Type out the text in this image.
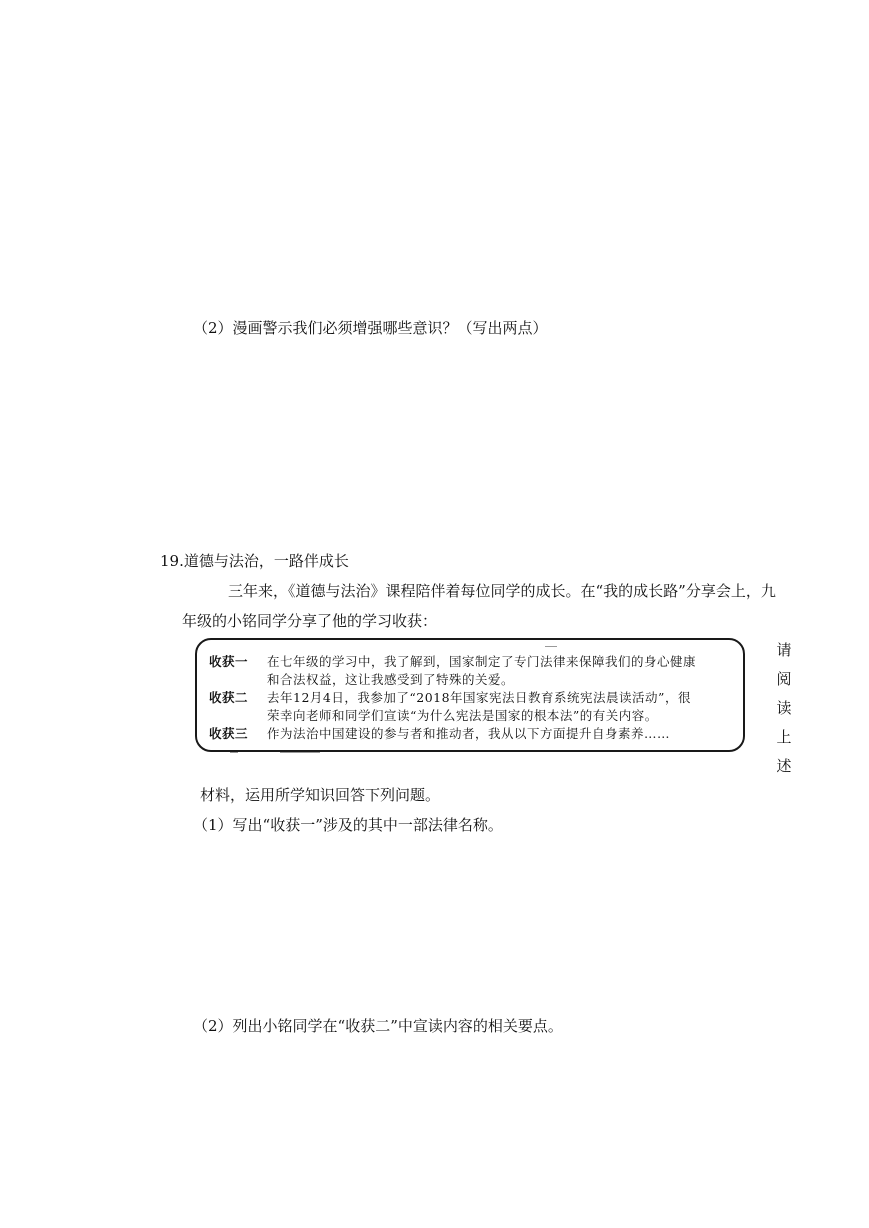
（2）漫画警示我们必须增强哪些意识？（写出两点）
19.道德与法治，一路伴成长
三年来，《道德与法治》课程陪伴着每位同学的成长。在“我的成长路”分享会上，九
年级的小铭同学分享了他的学习收获：
收获一 在七年级的学习中，我了解到，国家制定了专门法律来保障我们的身心健康
和合法权益，这让我感受到了特殊的关爱。
收获二 去年12月4日，我参加了“2018年国家宪法日教育系统宪法晨读活动”，很
荣幸向老师和同学们宣读“为什么宪法是国家的根本法”的有关内容。
收获三 作为法治中国建设的参与者和推动者，我从以下方面提升自身素养……
请
阅
读
上
述
材料，运用所学知识回答下列问题。
（1）写出“收获一”涉及的其中一部法律名称。
（2）列出小铭同学在“收获二”中宣读内容的相关要点。
